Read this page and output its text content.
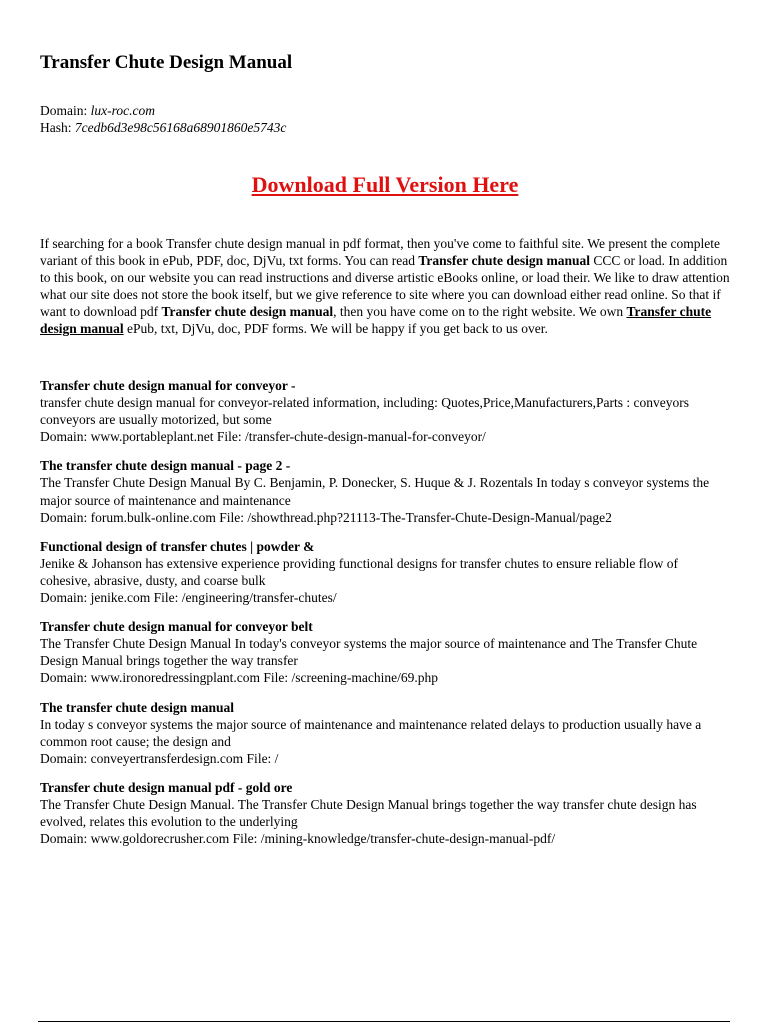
Transfer Chute Design Manual
Domain: lux-roc.com
Hash: 7cedb6d3e98c56168a68901860e5743c
Download Full Version Here
If searching for a book Transfer chute design manual in pdf format, then you've come to faithful site. We present the complete variant of this book in ePub, PDF, doc, DjVu, txt forms. You can read Transfer chute design manual CCC or load. In addition to this book, on our website you can read instructions and diverse artistic eBooks online, or load their. We like to draw attention what our site does not store the book itself, but we give reference to site where you can download either read online. So that if want to download pdf Transfer chute design manual, then you have come on to the right website. We own Transfer chute design manual ePub, txt, DjVu, doc, PDF forms. We will be happy if you get back to us over.
Transfer chute design manual for conveyor -
transfer chute design manual for conveyor-related information, including: Quotes,Price,Manufacturers,Parts : conveyors conveyors are usually motorized, but some
Domain: www.portableplant.net File: /transfer-chute-design-manual-for-conveyor/
The transfer chute design manual - page 2 -
The Transfer Chute Design Manual By C. Benjamin, P. Donecker, S. Huque & J. Rozentals In today s conveyor systems the major source of maintenance and maintenance
Domain: forum.bulk-online.com File: /showthread.php?21113-The-Transfer-Chute-Design-Manual/page2
Functional design of transfer chutes | powder &
Jenike & Johanson has extensive experience providing functional designs for transfer chutes to ensure reliable flow of cohesive, abrasive, dusty, and coarse bulk
Domain: jenike.com File: /engineering/transfer-chutes/
Transfer chute design manual for conveyor belt
The Transfer Chute Design Manual In today's conveyor systems the major source of maintenance and The Transfer Chute Design Manual brings together the way transfer
Domain: www.ironoredressingplant.com File: /screening-machine/69.php
The transfer chute design manual
In today s conveyor systems the major source of maintenance and maintenance related delays to production usually have a common root cause; the design and
Domain: conveyertransferdesign.com File: /
Transfer chute design manual pdf - gold ore
The Transfer Chute Design Manual. The Transfer Chute Design Manual brings together the way transfer chute design has evolved, relates this evolution to the underlying
Domain: www.goldorecrusher.com File: /mining-knowledge/transfer-chute-design-manual-pdf/
